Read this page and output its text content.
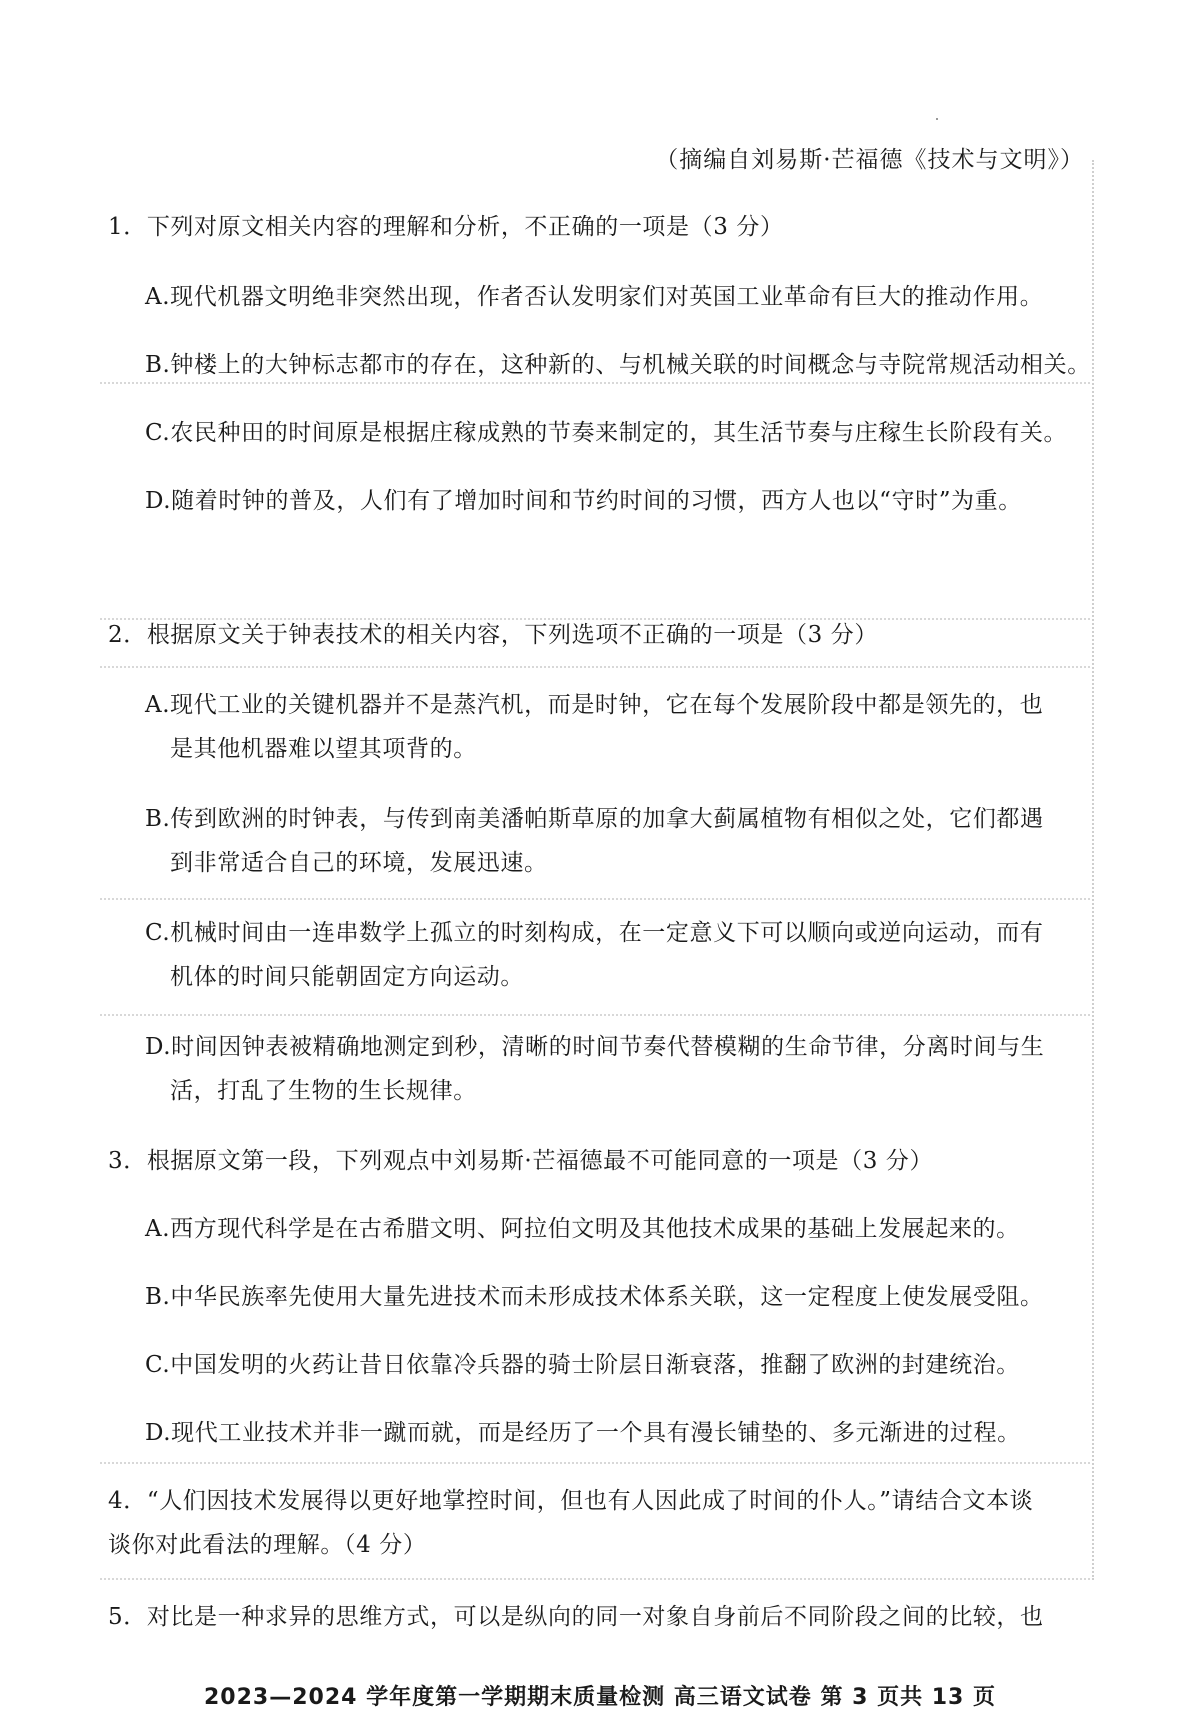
（摘编自刘易斯·芒福德《技术与文明》）
1．下列对原文相关内容的理解和分析，不正确的一项是（3 分）
A.现代机器文明绝非突然出现，作者否认发明家们对英国工业革命有巨大的推动作用。
B.钟楼上的大钟标志都市的存在，这种新的、与机械关联的时间概念与寺院常规活动相关。
C.农民种田的时间原是根据庄稼成熟的节奏来制定的，其生活节奏与庄稼生长阶段有关。
D.随着时钟的普及，人们有了增加时间和节约时间的习惯，西方人也以“守时”为重。
2．根据原文关于钟表技术的相关内容，下列选项不正确的一项是（3 分）
A.现代工业的关键机器并不是蒸汽机，而是时钟，它在每个发展阶段中都是领先的，也
是其他机器难以望其项背的。
B.传到欧洲的时钟表，与传到南美潘帕斯草原的加拿大蓟属植物有相似之处，它们都遇
到非常适合自己的环境，发展迅速。
C.机械时间由一连串数学上孤立的时刻构成，在一定意义下可以顺向或逆向运动，而有
机体的时间只能朝固定方向运动。
D.时间因钟表被精确地测定到秒，清晰的时间节奏代替模糊的生命节律，分离时间与生
活，打乱了生物的生长规律。
3．根据原文第一段，下列观点中刘易斯·芒福德最不可能同意的一项是（3 分）
A.西方现代科学是在古希腊文明、阿拉伯文明及其他技术成果的基础上发展起来的。
B.中华民族率先使用大量先进技术而未形成技术体系关联，这一定程度上使发展受阻。
C.中国发明的火药让昔日依靠冷兵器的骑士阶层日渐衰落，推翻了欧洲的封建统治。
D.现代工业技术并非一蹴而就，而是经历了一个具有漫长铺垫的、多元渐进的过程。
4．“人们因技术发展得以更好地掌控时间，但也有人因此成了时间的仆人。”请结合文本谈
谈你对此看法的理解。（4 分）
5．对比是一种求异的思维方式，可以是纵向的同一对象自身前后不同阶段之间的比较，也
2023—2024 学年度第一学期期末质量检测 高三语文试卷 第 3 页共 13 页
